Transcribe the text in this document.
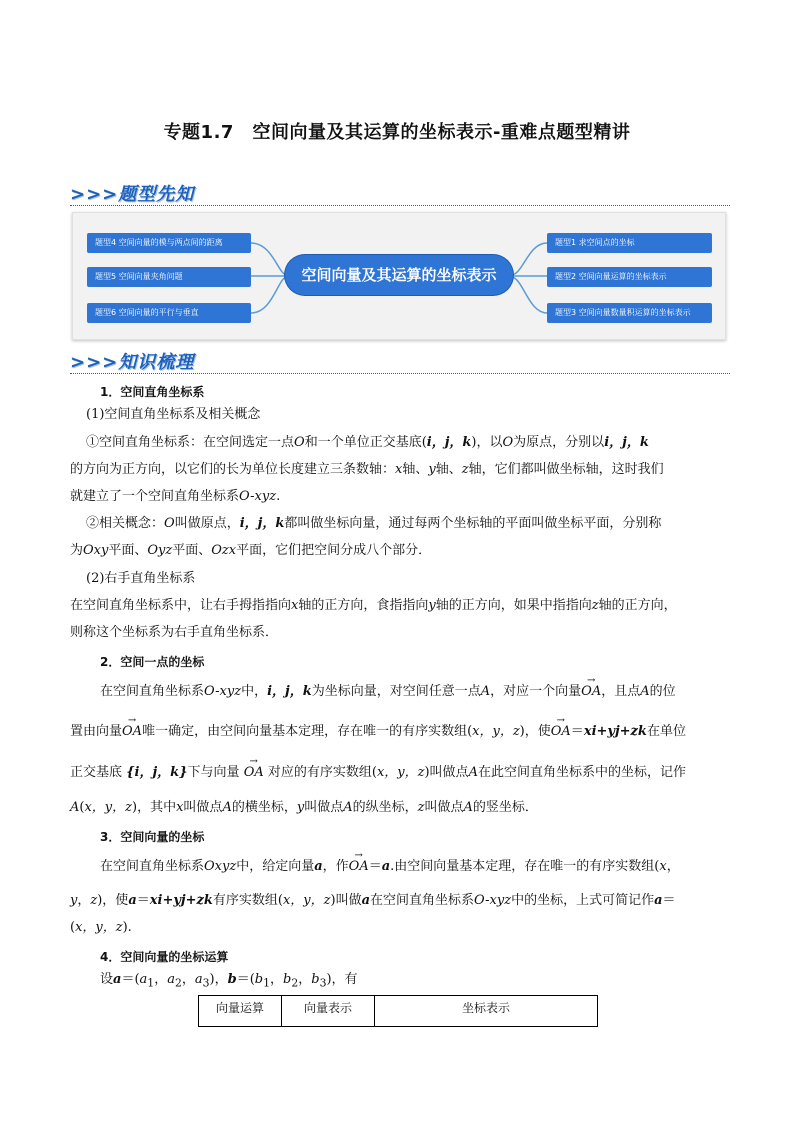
专题1.7　空间向量及其运算的坐标表示-重难点题型精讲
>>>题型先知
题型4 空间向量的模与两点间的距离
题型5 空间向量夹角问题
题型6 空间向量的平行与垂直
空间向量及其运算的坐标表示
题型1 求空间点的坐标
题型2 空间向量运算的坐标表示
题型3 空间向量数量积运算的坐标表示
>>>知识梳理
1．空间直角坐标系
(1)空间直角坐标系及相关概念
①空间直角坐标系：在空间选定一点O和一个单位正交基底(i，j，k)，以O为原点，分别以i，j，k
的方向为正方向，以它们的长为单位长度建立三条数轴：x轴、y轴、z轴，它们都叫做坐标轴，这时我们
就建立了一个空间直角坐标系O-xyz.
②相关概念：O叫做原点，i，j，k都叫做坐标向量，通过每两个坐标轴的平面叫做坐标平面，分别称
为Oxy平面、Oyz平面、Ozx平面，它们把空间分成八个部分．
(2)右手直角坐标系
在空间直角坐标系中，让右手拇指指向x轴的正方向，食指指向y轴的正方向，如果中指指向z轴的正方向，
则称这个坐标系为右手直角坐标系．
2．空间一点的坐标
在空间直角坐标系O-xyz中，i，j，k为坐标向量，对空间任意一点A，对应一个向量→ OA，且点A的位
置由向量→ OA唯一确定，由空间向量基本定理，存在唯一的有序实数组(x，y，z)，使→ OA＝xi+yj+zk在单位
正交基底 {i，j，k}下与向量 → OA 对应的有序实数组(x，y，z)叫做点A在此空间直角坐标系中的坐标，记作
A(x，y，z)，其中x叫做点A的横坐标，y叫做点A的纵坐标，z叫做点A的竖坐标．
3．空间向量的坐标
在空间直角坐标系Oxyz中，给定向量a，作→ OA＝a.由空间向量基本定理，存在唯一的有序实数组(x，
y，z)，使a＝xi+yj+zk有序实数组(x，y，z)叫做a在空间直角坐标系O-xyz中的坐标，上式可简记作a＝
(x，y，z).
4．空间向量的坐标运算
设$a=(a_1$，$a_2$，$a_3$)，$b=(b_1$，$b_2$，$b_3$)，有
向量运算	向量表示	坐标表示
